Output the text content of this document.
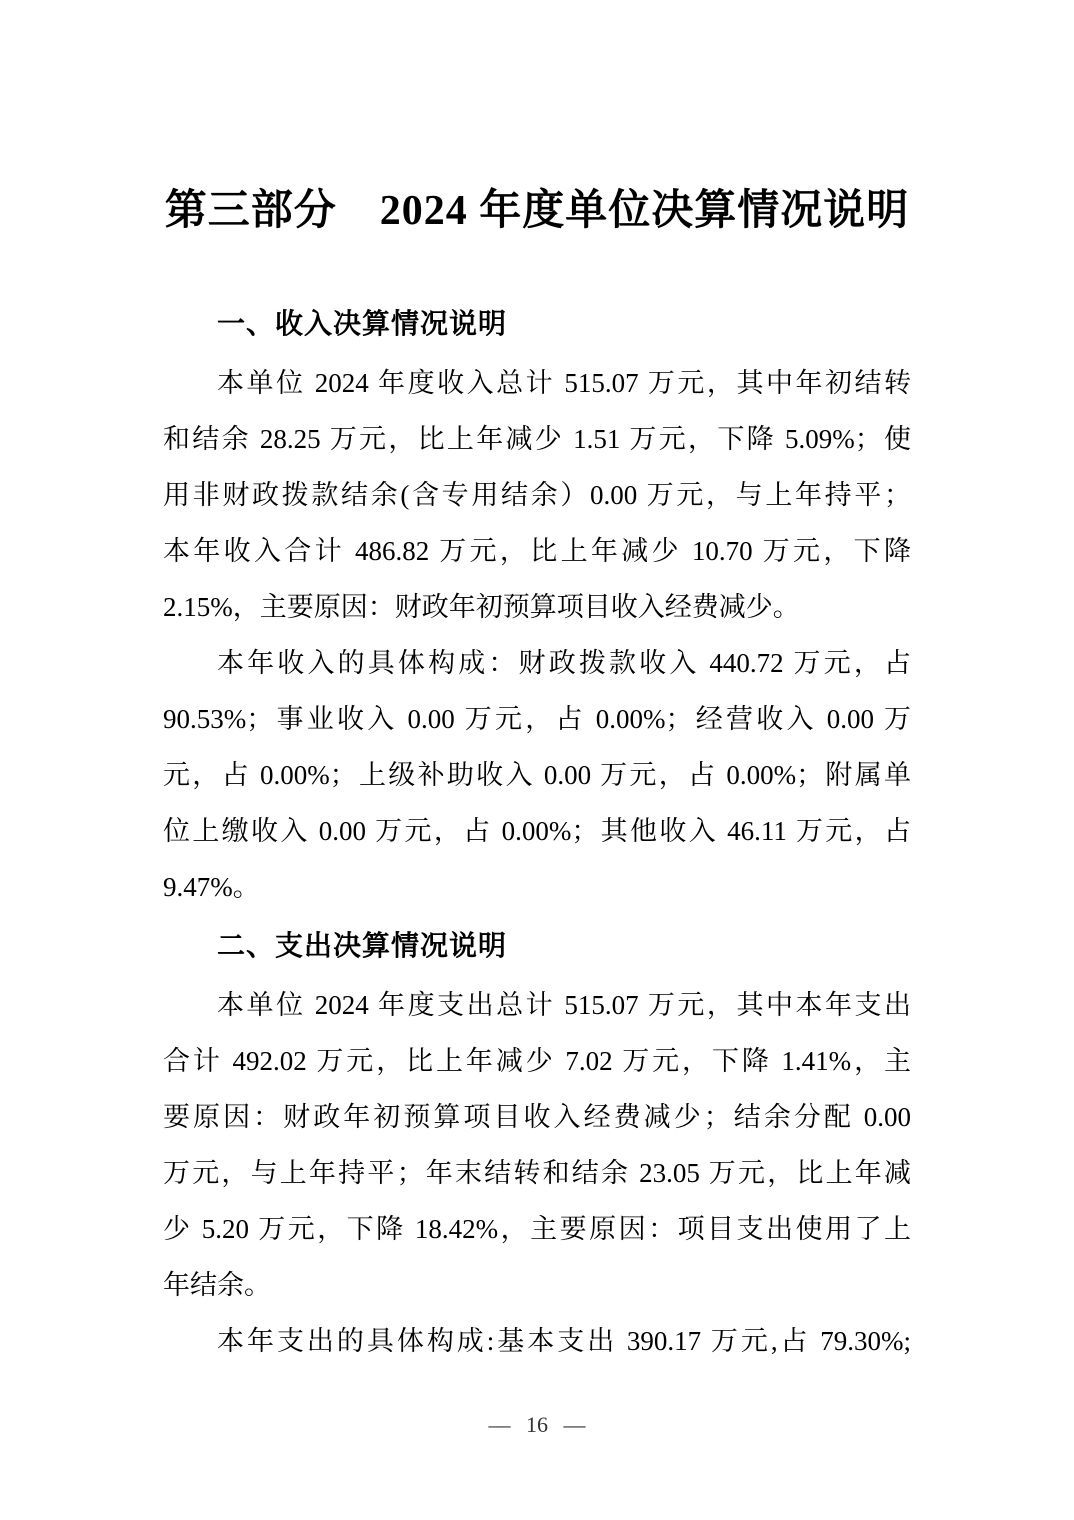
第三部分　2024 年度单位决算情况说明
一、收入决算情况说明
本单位 2024 年度收入总计 515.07 万元，其中年初结转
和结余 28.25 万元，比上年减少 1.51 万元，下降 5.09%；使
用非财政拨款结余(含专用结余）0.00 万元，与上年持平；
本年收入合计 486.82 万元，比上年减少 10.70 万元，下降
2.15%，主要原因：财政年初预算项目收入经费减少。
本年收入的具体构成：财政拨款收入 440.72 万元，占
90.53%；事业收入 0.00 万元，占 0.00%；经营收入 0.00 万
元，占 0.00%；上级补助收入 0.00 万元，占 0.00%；附属单
位上缴收入 0.00 万元，占 0.00%；其他收入 46.11 万元，占
9.47%。
二、支出决算情况说明
本单位 2024 年度支出总计 515.07 万元，其中本年支出
合计 492.02 万元，比上年减少 7.02 万元，下降 1.41%，主
要原因：财政年初预算项目收入经费减少；结余分配 0.00
万元，与上年持平；年末结转和结余 23.05 万元，比上年减
少 5.20 万元，下降 18.42%，主要原因：项目支出使用了上
年结余。
本年支出的具体构成:基本支出 390.17 万元,占 79.30%;
— 16 —
